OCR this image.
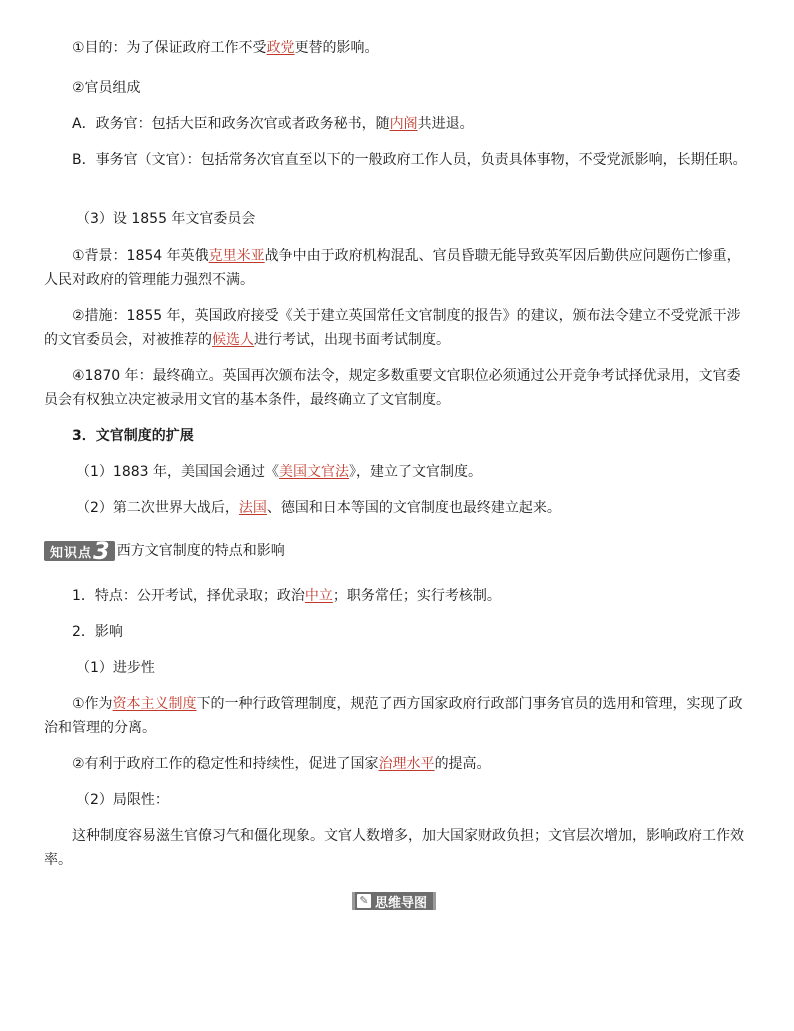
①目的：为了保证政府工作不受政党更替的影响。
②官员组成
A．政务官：包括大臣和政务次官或者政务秘书，随内阁共进退。
B．事务官（文官）：包括常务次官直至以下的一般政府工作人员，负责具体事物，不受党派影响，长期任职。
（3）设 1855 年文官委员会
①背景：1854 年英俄克里米亚战争中由于政府机构混乱、官员昏聩无能导致英军因后勤供应问题伤亡惨重，人民对政府的管理能力强烈不满。
②措施：1855 年，英国政府接受《关于建立英国常任文官制度的报告》的建议，颁布法令建立不受党派干涉的文官委员会，对被推荐的候选人进行考试，出现书面考试制度。
④1870 年：最终确立。英国再次颁布法令，规定多数重要文官职位必须通过公开竞争考试择优录用，文官委员会有权独立决定被录用文官的基本条件，最终确立了文官制度。
3．文官制度的扩展
（1）1883 年，美国国会通过《美国文官法》，建立了文官制度。
（2）第二次世界大战后，法国、德国和日本等国的文官制度也最终建立起来。
知识点 3 西方文官制度的特点和影响
1．特点：公开考试，择优录取；政治中立；职务常任；实行考核制。
2．影响
（1）进步性
①作为资本主义制度下的一种行政管理制度，规范了西方国家政府行政部门事务官员的选用和管理，实现了政治和管理的分离。
②有利于政府工作的稳定性和持续性，促进了国家治理水平的提高。
（2）局限性：
这种制度容易滋生官僚习气和僵化现象。文官人数增多，加大国家财政负担；文官层次增加，影响政府工作效率。
✎ 思维导图
